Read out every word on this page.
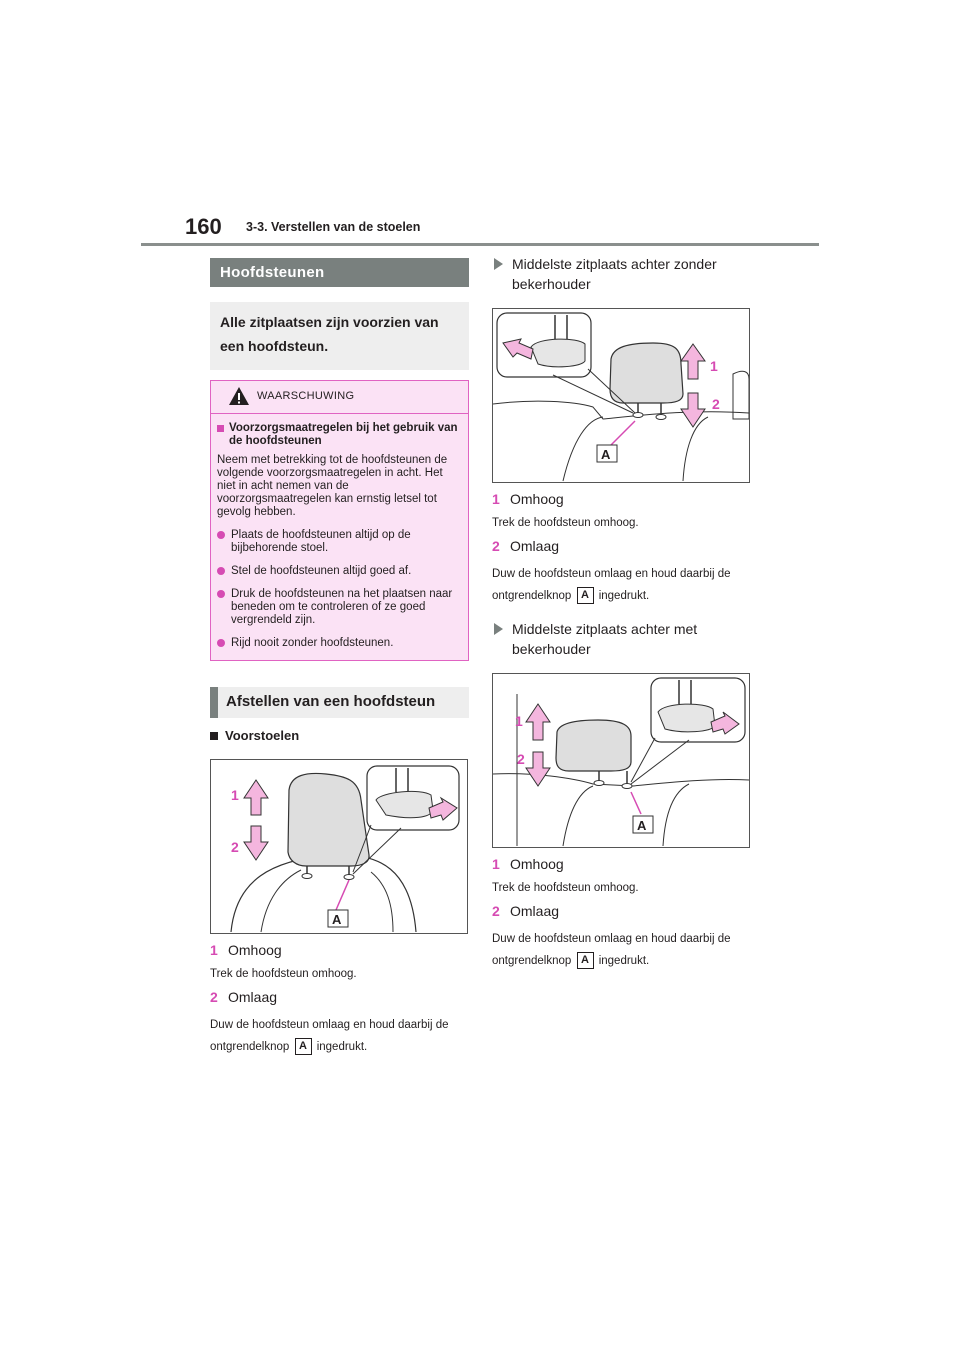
160 3-3. Verstellen van de stoelen
Hoofdsteunen
Alle zitplaatsen zijn voorzien van een hoofdsteun.
WAARSCHUWING
Voorzorgsmaatregelen bij het gebruik van de hoofdsteunen
Neem met betrekking tot de hoofdsteunen de volgende voorzorgsmaatregelen in acht. Het niet in acht nemen van de voorzorgsmaatregelen kan ernstig letsel tot gevolg hebben.
Plaats de hoofdsteunen altijd op de bijbehorende stoel.
Stel de hoofdsteunen altijd goed af.
Druk de hoofdsteunen na het plaatsen naar beneden om te controleren of ze goed vergrendeld zijn.
Rijd nooit zonder hoofdsteunen.
Afstellen van een hoofdsteun
Voorstoelen
1
2
A
1 Omhoog
Trek de hoofdsteun omhoog.
2 Omlaag
Duw de hoofdsteun omlaag en houd daarbij de ontgrendelknop A ingedrukt.
Middelste zitplaats achter zonder bekerhouder
1
2
A
1 Omhoog
Trek de hoofdsteun omhoog.
2 Omlaag
Duw de hoofdsteun omlaag en houd daarbij de ontgrendelknop A ingedrukt.
Middelste zitplaats achter met bekerhouder
1
2
A
1 Omhoog
Trek de hoofdsteun omhoog.
2 Omlaag
Duw de hoofdsteun omlaag en houd daarbij de ontgrendelknop A ingedrukt.
